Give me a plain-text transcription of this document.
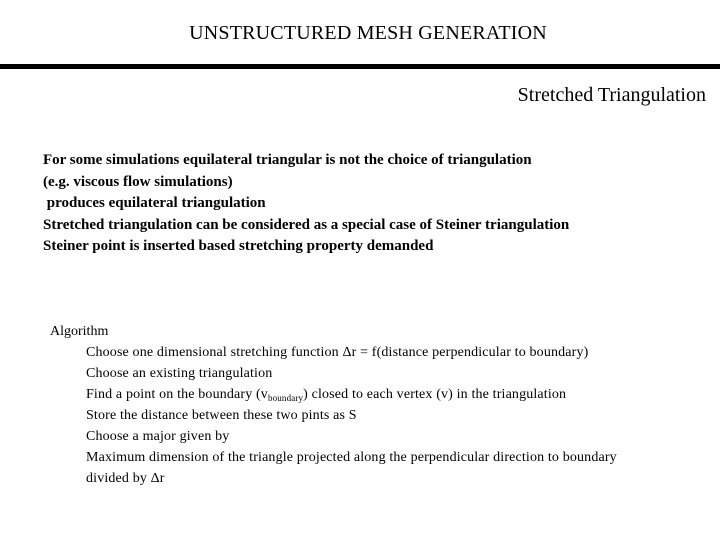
UNSTRUCTURED MESH GENERATION
Stretched Triangulation
For some simulations equilateral triangular is not the choice of triangulation
(e.g. viscous flow simulations)
produces equilateral triangulation
Stretched triangulation can be considered as a special case of Steiner triangulation
Steiner point is inserted based stretching property demanded
Algorithm
Choose one dimensional stretching function Δr = f(distance perpendicular to boundary)
Choose an existing triangulation
Find a point on the boundary $(v_{boundary})$ closed to each vertex (v) in the triangulation
Store the distance between these two pints as S
Choose a major given by
Maximum dimension of the triangle projected along the perpendicular direction to boundary
divided by Δr
